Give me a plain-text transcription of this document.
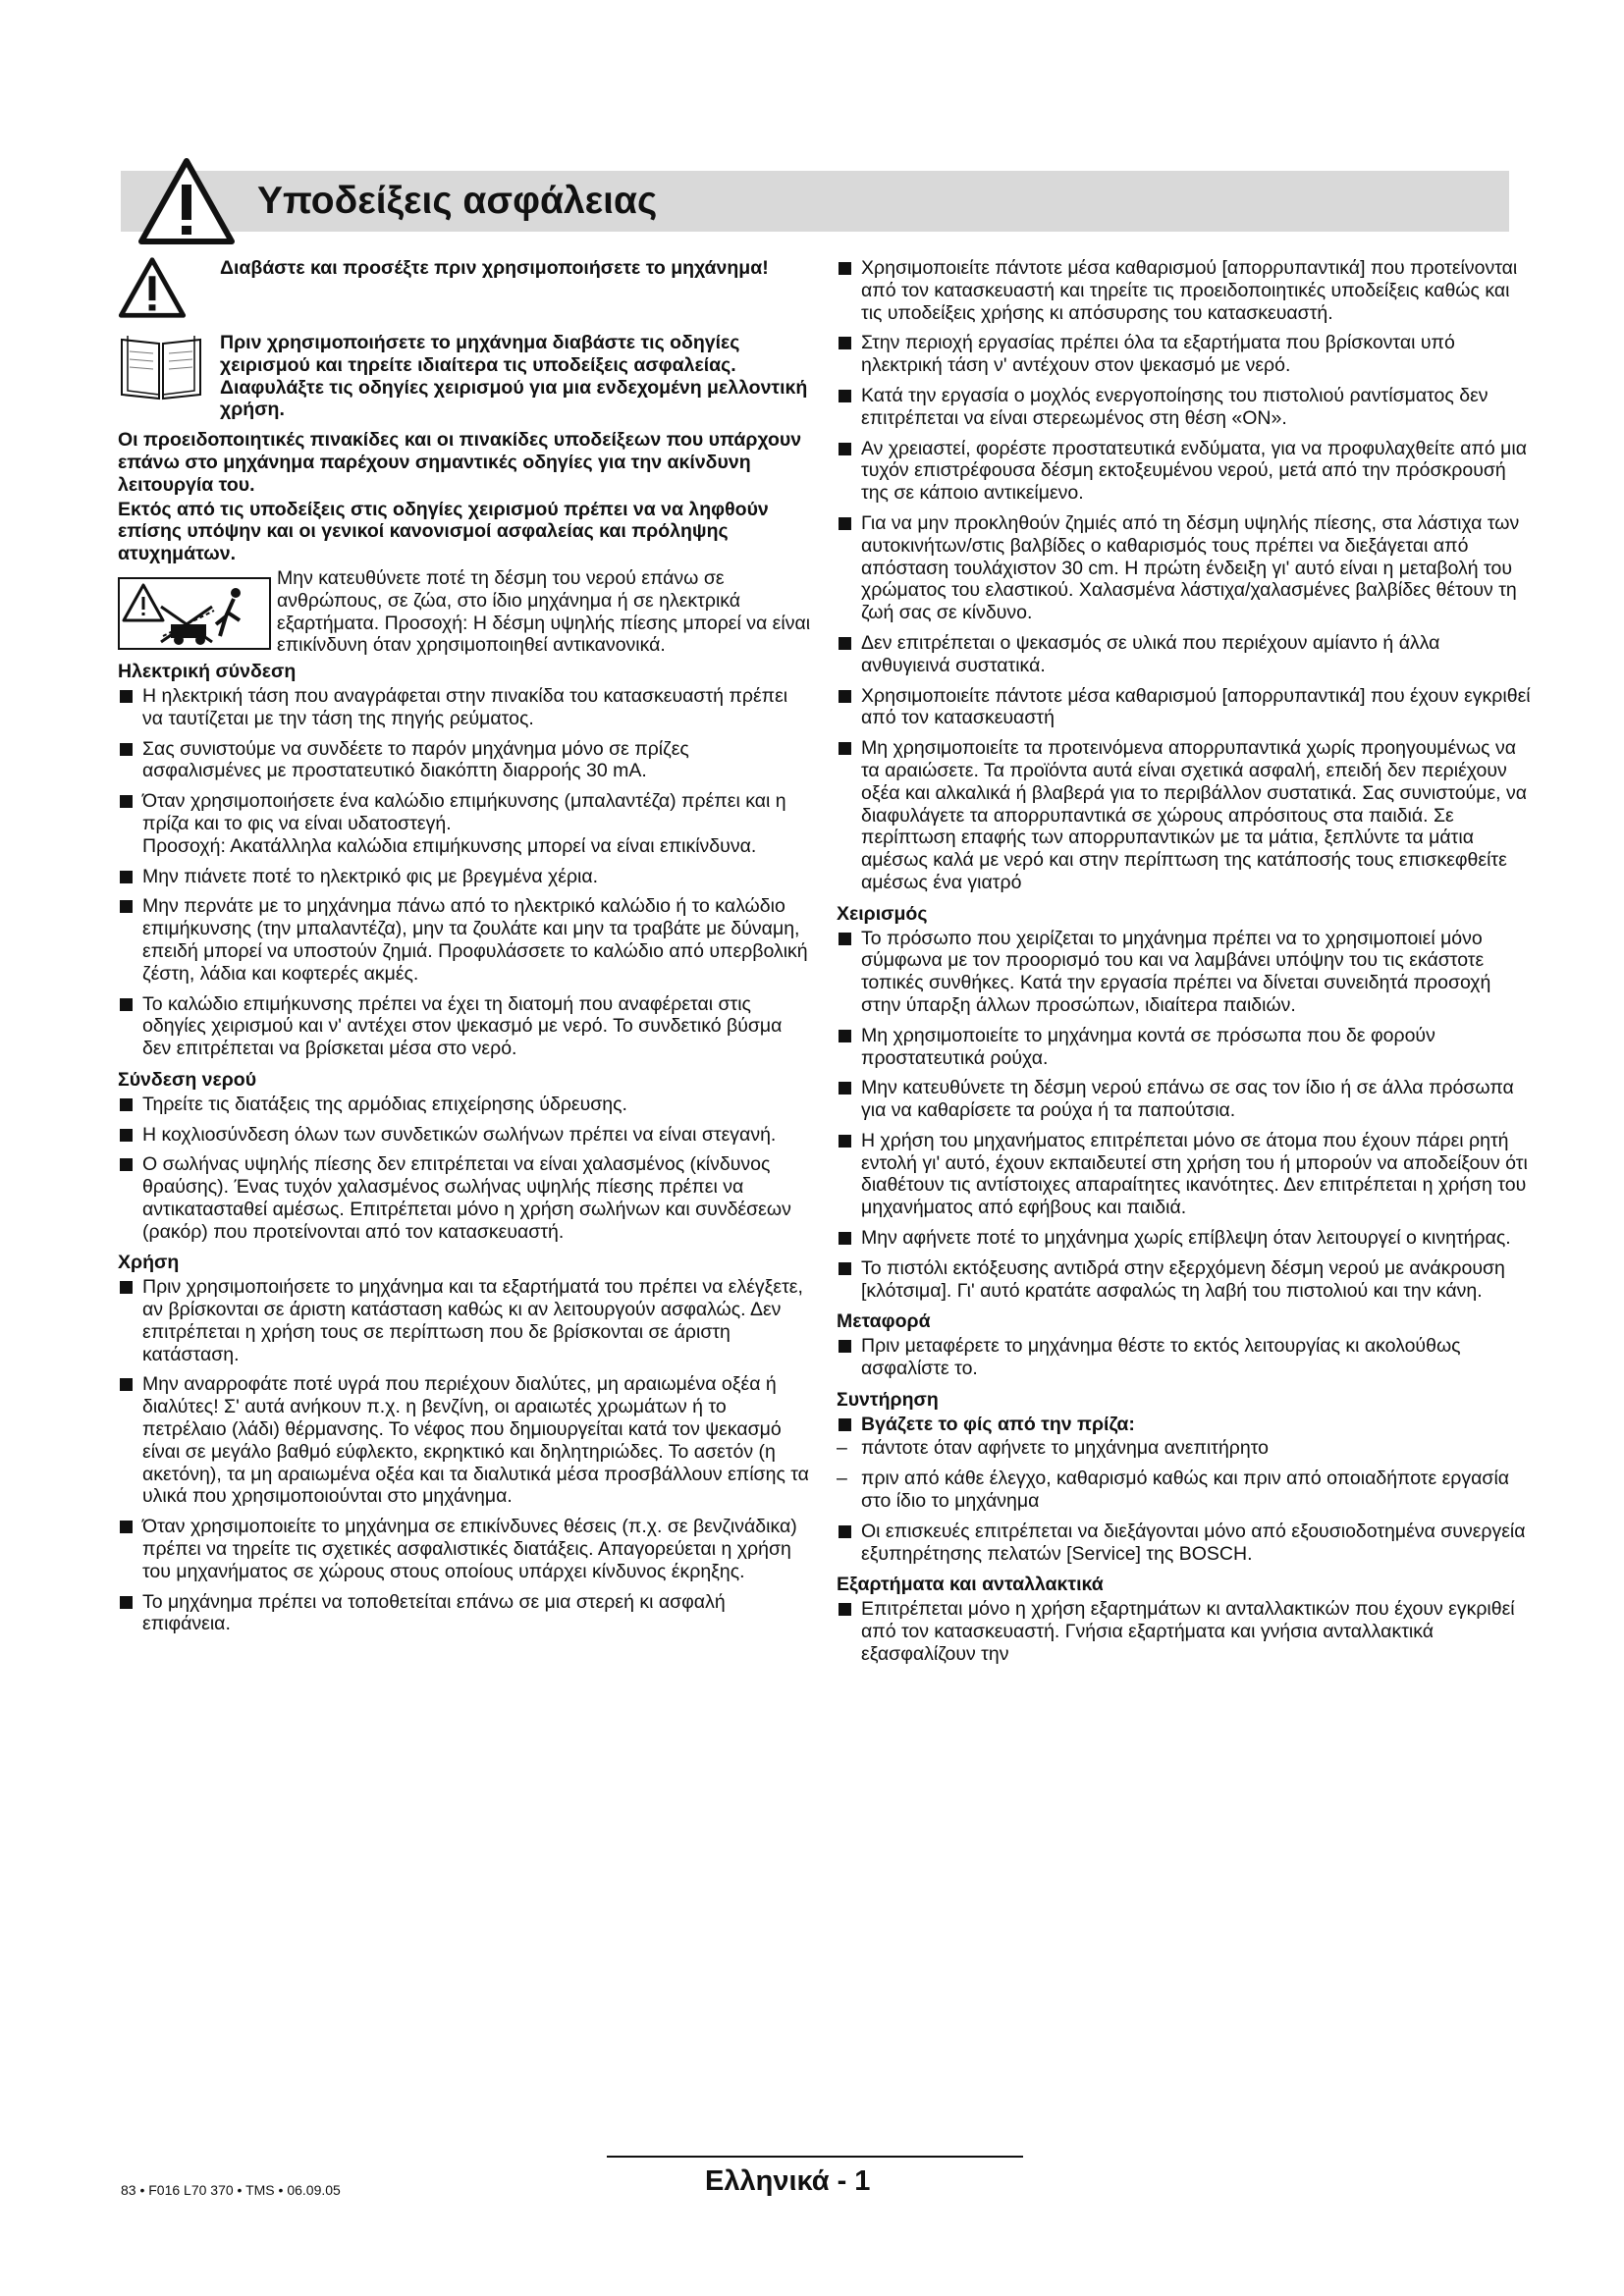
Υποδείξεις ασφάλειας

Διαβάστε και προσέξτε πριν χρησιμοποιήσετε το μηχάνημα!

Πριν χρησιμοποιήσετε το μηχάνημα διαβάστε τις οδηγίες χειρισμού και τηρείτε ιδιαίτερα τις υποδείξεις ασφαλείας. Διαφυλάξτε τις οδηγίες χειρισμού για μια ενδεχομένη μελλοντική χρήση.

Οι προειδοποιητικές πινακίδες και οι πινακίδες υποδείξεων που υπάρχουν επάνω στο μηχάνημα παρέχουν σημαντικές οδηγίες για την ακίνδυνη λειτουργία του.

Εκτός από τις υποδείξεις στις οδηγίες χειρισμού πρέπει να να ληφθούν επίσης υπόψην και οι γενικοί κανονισμοί ασφαλείας και πρόληψης ατυχημάτων.

Μην κατευθύνετε ποτέ τη δέσμη του νερού επάνω σε ανθρώπους, σε ζώα, στο ίδιο μηχάνημα ή σε ηλεκτρικά εξαρτήματα. Προσοχή: Η δέσμη υψηλής πίεσης μπορεί να είναι επικίνδυνη όταν χρησιμοποιηθεί αντικανονικά.

Ηλεκτρική σύνδεση

Η ηλεκτρική τάση που αναγράφεται στην πινακίδα του κατασκευαστή πρέπει να ταυτίζεται με την τάση της πηγής ρεύματος.
Σας συνιστούμε να συνδέετε το παρόν μηχάνημα μόνο σε πρίζες ασφαλισμένες με προστατευτικό διακόπτη διαρροής 30 mA.
Όταν χρησιμοποιήσετε ένα καλώδιο επιμήκυνσης (μπαλαντέζα) πρέπει και η πρίζα και το φις να είναι υδατοστεγή.
Προσοχή: Ακατάλληλα καλώδια επιμήκυνσης μπορεί να είναι επικίνδυνα.
Μην πιάνετε ποτέ το ηλεκτρικό φις με βρεγμένα χέρια.
Μην περνάτε με το μηχάνημα πάνω από το ηλεκτρικό καλώδιο ή το καλώδιο επιμήκυνσης (την μπαλαντέζα), μην τα ζουλάτε και μην τα τραβάτε με δύναμη, επειδή μπορεί να υποστούν ζημιά. Προφυλάσσετε το καλώδιο από υπερβολική ζέστη, λάδια και κοφτερές ακμές.
Το καλώδιο επιμήκυνσης πρέπει να έχει τη διατομή που αναφέρεται στις οδηγίες χειρισμού και ν' αντέχει στον ψεκασμό με νερό. Το συνδετικό βύσμα δεν επιτρέπεται να βρίσκεται μέσα στο νερό.

Σύνδεση νερού

Τηρείτε τις διατάξεις της αρμόδιας επιχείρησης ύδρευσης.
Η κοχλιοσύνδεση όλων των συνδετικών σωλήνων πρέπει να είναι στεγανή.
Ο σωλήνας υψηλής πίεσης δεν επιτρέπεται να είναι χαλασμένος (κίνδυνος θραύσης). Ένας τυχόν χαλασμένος σωλήνας υψηλής πίεσης πρέπει να αντικατασταθεί αμέσως. Επιτρέπεται μόνο η χρήση σωλήνων και συνδέσεων (ρακόρ) που προτείνονται από τον κατασκευαστή.

Χρήση

Πριν χρησιμοποιήσετε το μηχάνημα και τα εξαρτήματά του πρέπει να ελέγξετε, αν βρίσκονται σε άριστη κατάσταση καθώς κι αν λειτουργούν ασφαλώς. Δεν επιτρέπεται η χρήση τους σε περίπτωση που δε βρίσκονται σε άριστη κατάσταση.
Μην αναρροφάτε ποτέ υγρά που περιέχουν διαλύτες, μη αραιωμένα οξέα ή διαλύτες! Σ' αυτά ανήκουν π.χ. η βενζίνη, οι αραιωτές χρωμάτων ή το πετρέλαιο (λάδι) θέρμανσης. Το νέφος που δημιουργείται κατά τον ψεκασμό είναι σε μεγάλο βαθμό εύφλεκτο, εκρηκτικό και δηλητηριώδες. Το ασετόν (η ακετόνη), τα μη αραιωμένα οξέα και τα διαλυτικά μέσα προσβάλλουν επίσης τα υλικά που χρησιμοποιούνται στο μηχάνημα.
Όταν χρησιμοποιείτε το μηχάνημα σε επικίνδυνες θέσεις (π.χ. σε βενζινάδικα) πρέπει να τηρείτε τις σχετικές ασφαλιστικές διατάξεις. Απαγορεύεται η χρήση του μηχανήματος σε χώρους στους οποίους υπάρχει κίνδυνος έκρηξης.
Το μηχάνημα πρέπει να τοποθετείται επάνω σε μια στερεή κι ασφαλή επιφάνεια.
Χρησιμοποιείτε πάντοτε μέσα καθαρισμού [απορρυπαντικά] που προτείνονται από τον κατασκευαστή και τηρείτε τις προειδοποιητικές υποδείξεις καθώς και τις υποδείξεις χρήσης κι απόσυρσης του κατασκευαστή.
Στην περιοχή εργασίας πρέπει όλα τα εξαρτήματα που βρίσκονται υπό ηλεκτρική τάση ν' αντέχουν στον ψεκασμό με νερό.
Κατά την εργασία ο μοχλός ενεργοποίησης του πιστολιού ραντίσματος δεν επιτρέπεται να είναι στερεωμένος στη θέση «ON».
Αν χρειαστεί, φορέστε προστατευτικά ενδύματα, για να προφυλαχθείτε από μια τυχόν επιστρέφουσα δέσμη εκτοξευμένου νερού, μετά από την πρόσκρουσή της σε κάποιο αντικείμενο.
Για να μην προκληθούν ζημιές από τη δέσμη υψηλής πίεσης, στα λάστιχα των αυτοκινήτων/στις βαλβίδες ο καθαρισμός τους πρέπει να διεξάγεται από απόσταση τουλάχιστον 30 cm. Η πρώτη ένδειξη γι' αυτό είναι η μεταβολή του χρώματος του ελαστικού. Χαλασμένα λάστιχα/χαλασμένες βαλβίδες θέτουν τη ζωή σας σε κίνδυνο.
Δεν επιτρέπεται ο ψεκασμός σε υλικά που περιέχουν αμίαντο ή άλλα ανθυγιεινά συστατικά.
Χρησιμοποιείτε πάντοτε μέσα καθαρισμού [απορρυπαντικά] που έχουν εγκριθεί από τον κατασκευαστή
Μη χρησιμοποιείτε τα προτεινόμενα απορρυπαντικά χωρίς προηγουμένως να τα αραιώσετε. Τα προϊόντα αυτά είναι σχετικά ασφαλή, επειδή δεν περιέχουν οξέα και αλκαλικά ή βλαβερά για το περιβάλλον συστατικά. Σας συνιστούμε, να διαφυλάγετε τα απορρυπαντικά σε χώρους απρόσιτους στα παιδιά. Σε περίπτωση επαφής των απορρυπαντικών με τα μάτια, ξεπλύντε τα μάτια αμέσως καλά με νερό και στην περίπτωση της κατάποσής τους επισκεφθείτε αμέσως ένα γιατρό

Χειρισμός

Το πρόσωπο που χειρίζεται το μηχάνημα πρέπει να το χρησιμοποιεί μόνο σύμφωνα με τον προορισμό του και να λαμβάνει υπόψην του τις εκάστοτε τοπικές συνθήκες. Κατά την εργασία πρέπει να δίνεται συνειδητά προσοχή στην ύπαρξη άλλων προσώπων, ιδιαίτερα παιδιών.
Μη χρησιμοποιείτε το μηχάνημα κοντά σε πρόσωπα που δε φορούν προστατευτικά ρούχα.
Μην κατευθύνετε τη δέσμη νερού επάνω σε σας τον ίδιο ή σε άλλα πρόσωπα για να καθαρίσετε τα ρούχα ή τα παπούτσια.
Η χρήση του μηχανήματος επιτρέπεται μόνο σε άτομα που έχουν πάρει ρητή εντολή γι' αυτό, έχουν εκπαιδευτεί στη χρήση του ή μπορούν να αποδείξουν ότι διαθέτουν τις αντίστοιχες απαραίτητες ικανότητες. Δεν επιτρέπεται η χρήση του μηχανήματος από εφήβους και παιδιά.
Μην αφήνετε ποτέ το μηχάνημα χωρίς επίβλεψη όταν λειτουργεί ο κινητήρας.
Το πιστόλι εκτόξευσης αντιδρά στην εξερχόμενη δέσμη νερού με ανάκρουση [κλότσιμα]. Γι' αυτό κρατάτε ασφαλώς τη λαβή του πιστολιού και την κάνη.

Μεταφορά

Πριν μεταφέρετε το μηχάνημα θέστε το εκτός λειτουργίας κι ακολούθως ασφαλίστε το.

Συντήρηση

Βγάζετε το φίς από την πρίζα:
– πάντοτε όταν αφήνετε το μηχάνημα ανεπιτήρητο
– πριν από κάθε έλεγχο, καθαρισμό καθώς και πριν από οποιαδήποτε εργασία στο ίδιο το μηχάνημα
Οι επισκευές επιτρέπεται να διεξάγονται μόνο από εξουσιοδοτημένα συνεργεία εξυπηρέτησης πελατών [Service] της BOSCH.

Εξαρτήματα και ανταλλακτικά

Επιτρέπεται μόνο η χρήση εξαρτημάτων κι ανταλλακτικών που έχουν εγκριθεί από τον κατασκευαστή. Γνήσια εξαρτήματα και γνήσια ανταλλακτικά εξασφαλίζουν την
83 • F016 L70 370 • TMS • 06.09.05	Ελληνικά - 1
